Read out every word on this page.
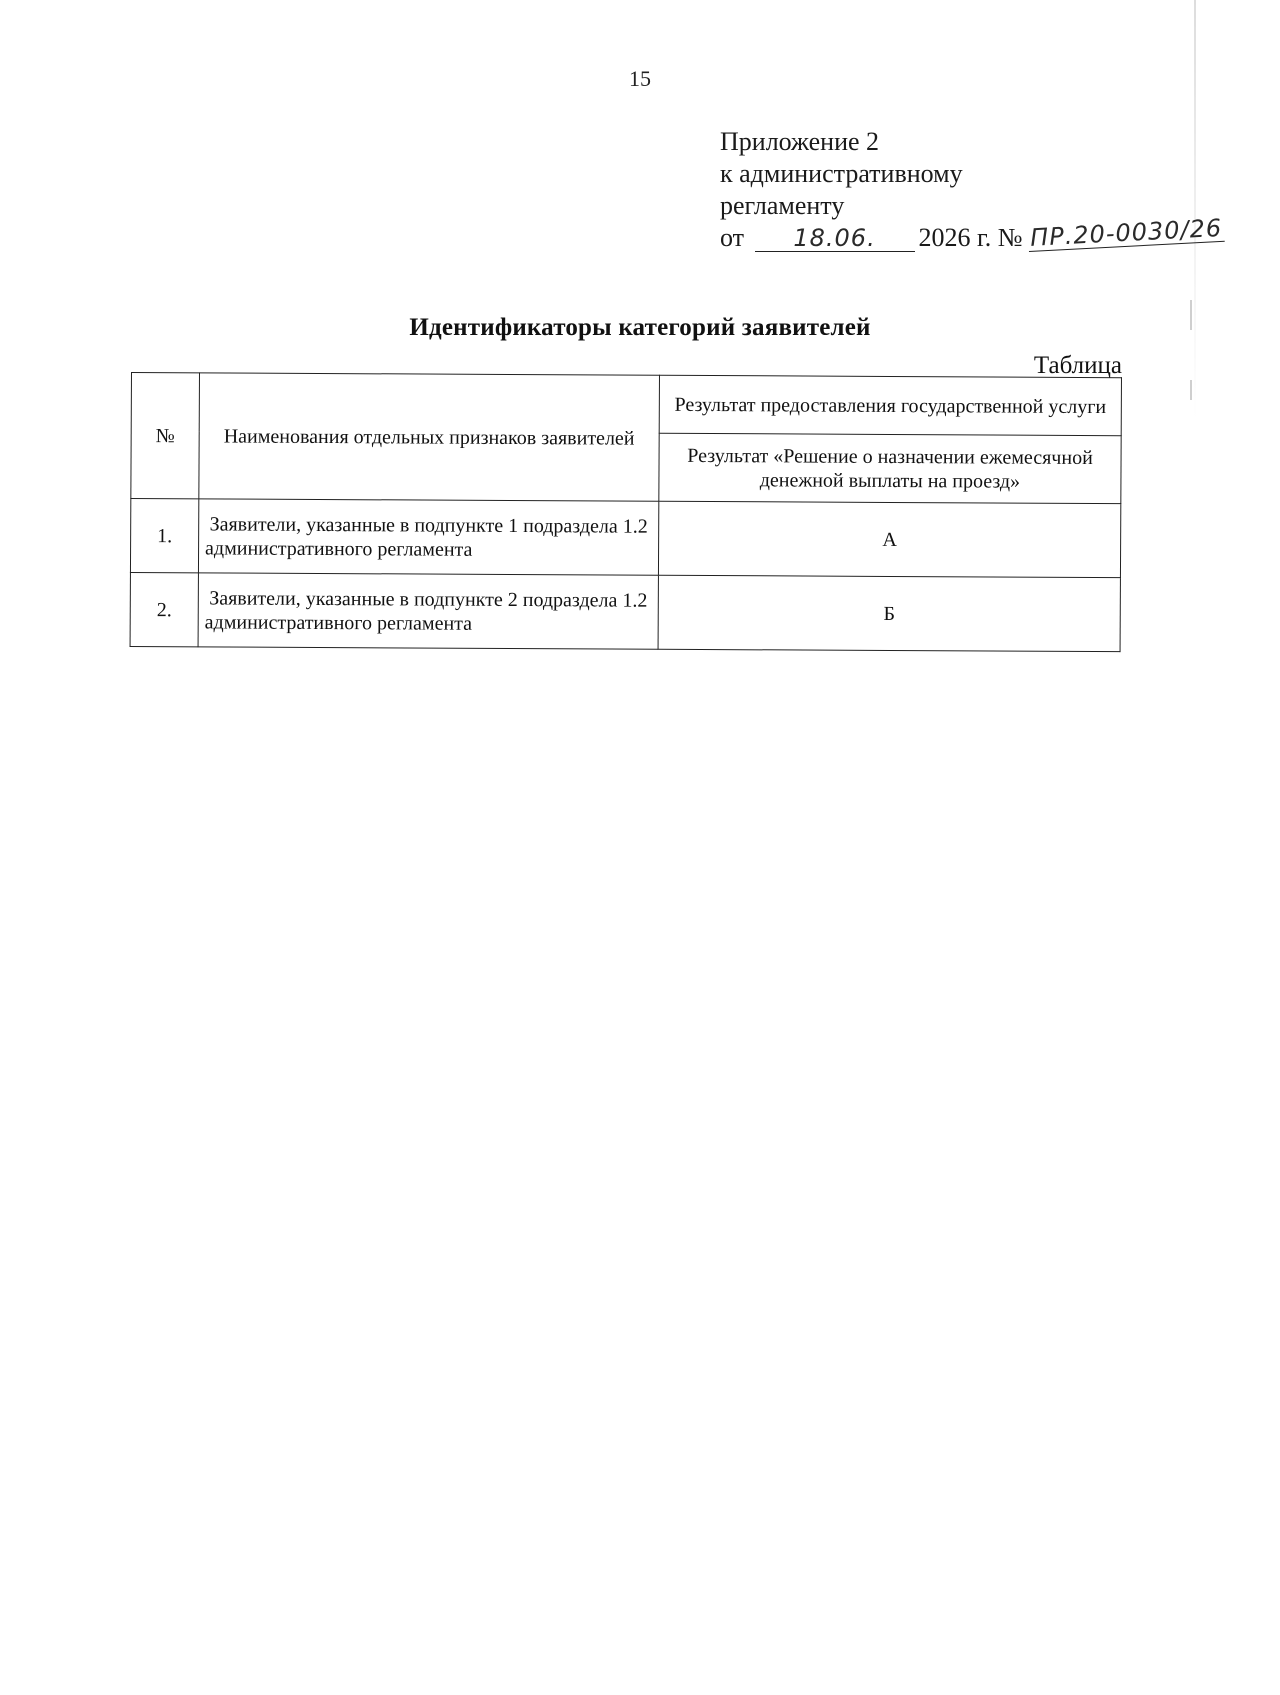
15
Приложение 2
к административному
регламенту
от 18.06. 2026 г. № ПР.20-0030/26
Идентификаторы категорий заявителей
Таблица
№	Наименования отдельных признаков заявителей	Результат предоставления государственной услуги
		Результат «Решение о назначении ежемесячной денежной выплаты на проезд»
1.	Заявители, указанные в подпункте 1 подраздела 1.2 административного регламента	А
2.	Заявители, указанные в подпункте 2 подраздела 1.2 административного регламента	Б
